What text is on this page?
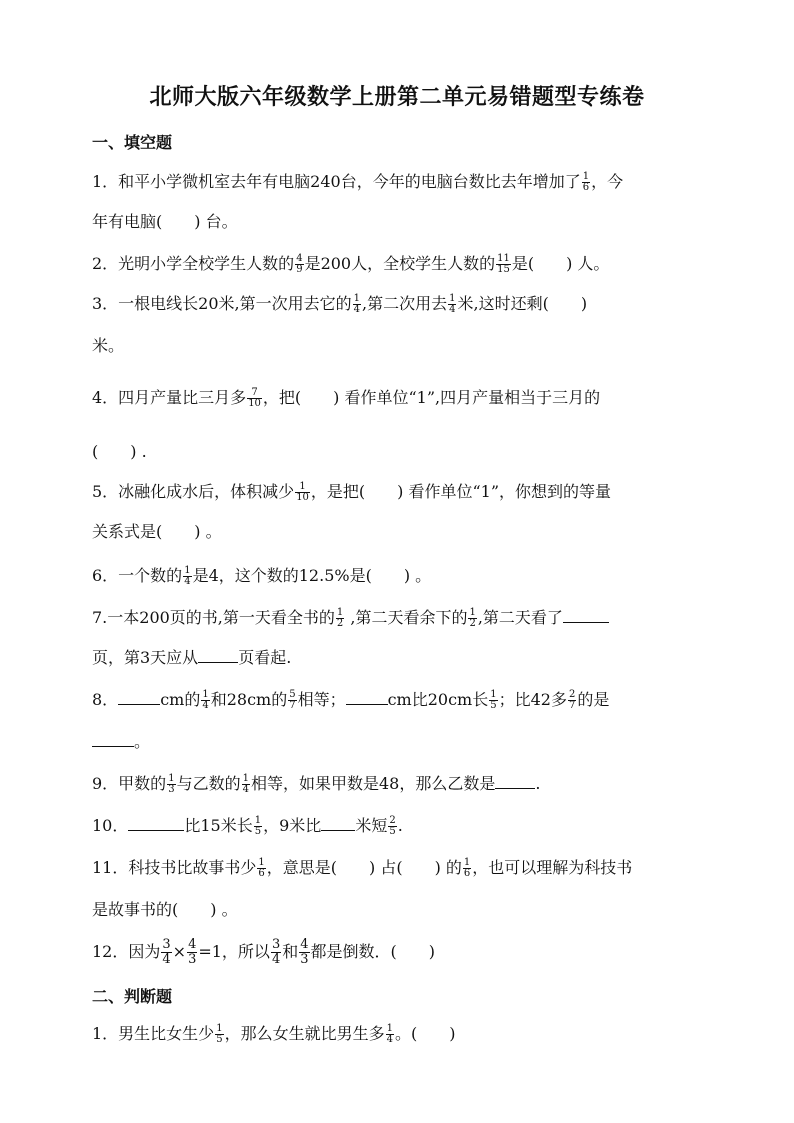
北师大版六年级数学上册第二单元易错题型专练卷
一、填空题
1．和平小学微机室去年有电脑240台，今年的电脑台数比去年增加了 $\frac{1}{6}$ ，今
年有电脑(　　) 台。
2．光明小学全校学生人数的 $\frac{4}{9}$ 是200人，全校学生人数的 $\frac{11}{15}$ 是(　　) 人。
3．一根电线长20米,第一次用去它的 $\frac{1}{4}$ ,第二次用去 $\frac{1}{4}$ 米,这时还剩(　　)
米。
4．四月产量比三月多 $\frac{7}{10}$ ，把(　　) 看作单位“1”,四月产量相当于三月的
(　　) .
5．冰融化成水后，体积减少 $\frac{1}{10}$ ，是把(　　) 看作单位“1”，你想到的等量
关系式是(　　) 。
6．一个数的 $\frac{1}{4}$ 是4，这个数的12.5%是(　　) 。
7.一本200页的书,第一天看全书的 $\frac{1}{2}$ ,第二天看余下的 $\frac{1}{2}$ ,第二天看了
页，第3天应从	页看起.
8．	cm的 $\frac{1}{4}$ 和28cm的 $\frac{5}{7}$ 相等；	cm比20cm长 $\frac{1}{5}$ ；比42多 $\frac{2}{7}$ 的是
。
9．甲数的 $\frac{1}{3}$ 与乙数的 $\frac{1}{4}$ 相等，如果甲数是48，那么乙数是	.
10．	比15米长 $\frac{1}{5}$ ，9米比 米短 $\frac{2}{5}$ .
11．科技书比故事书少 $\frac{1}{6}$ ，意思是(　　) 占(　　) 的 $\frac{1}{6}$ ，也可以理解为科技书
是故事书的(　　) 。
12．因为 $\frac{3}{4} \times \frac{4}{3} =1$，所以 $\frac{3}{4}$ 和 $\frac{4}{3}$ 都是倒数．(　　)
二、判断题
1．男生比女生少 $\frac{1}{5}$ ，那么女生就比男生多 $\frac{1}{4}$ 。(　　)
